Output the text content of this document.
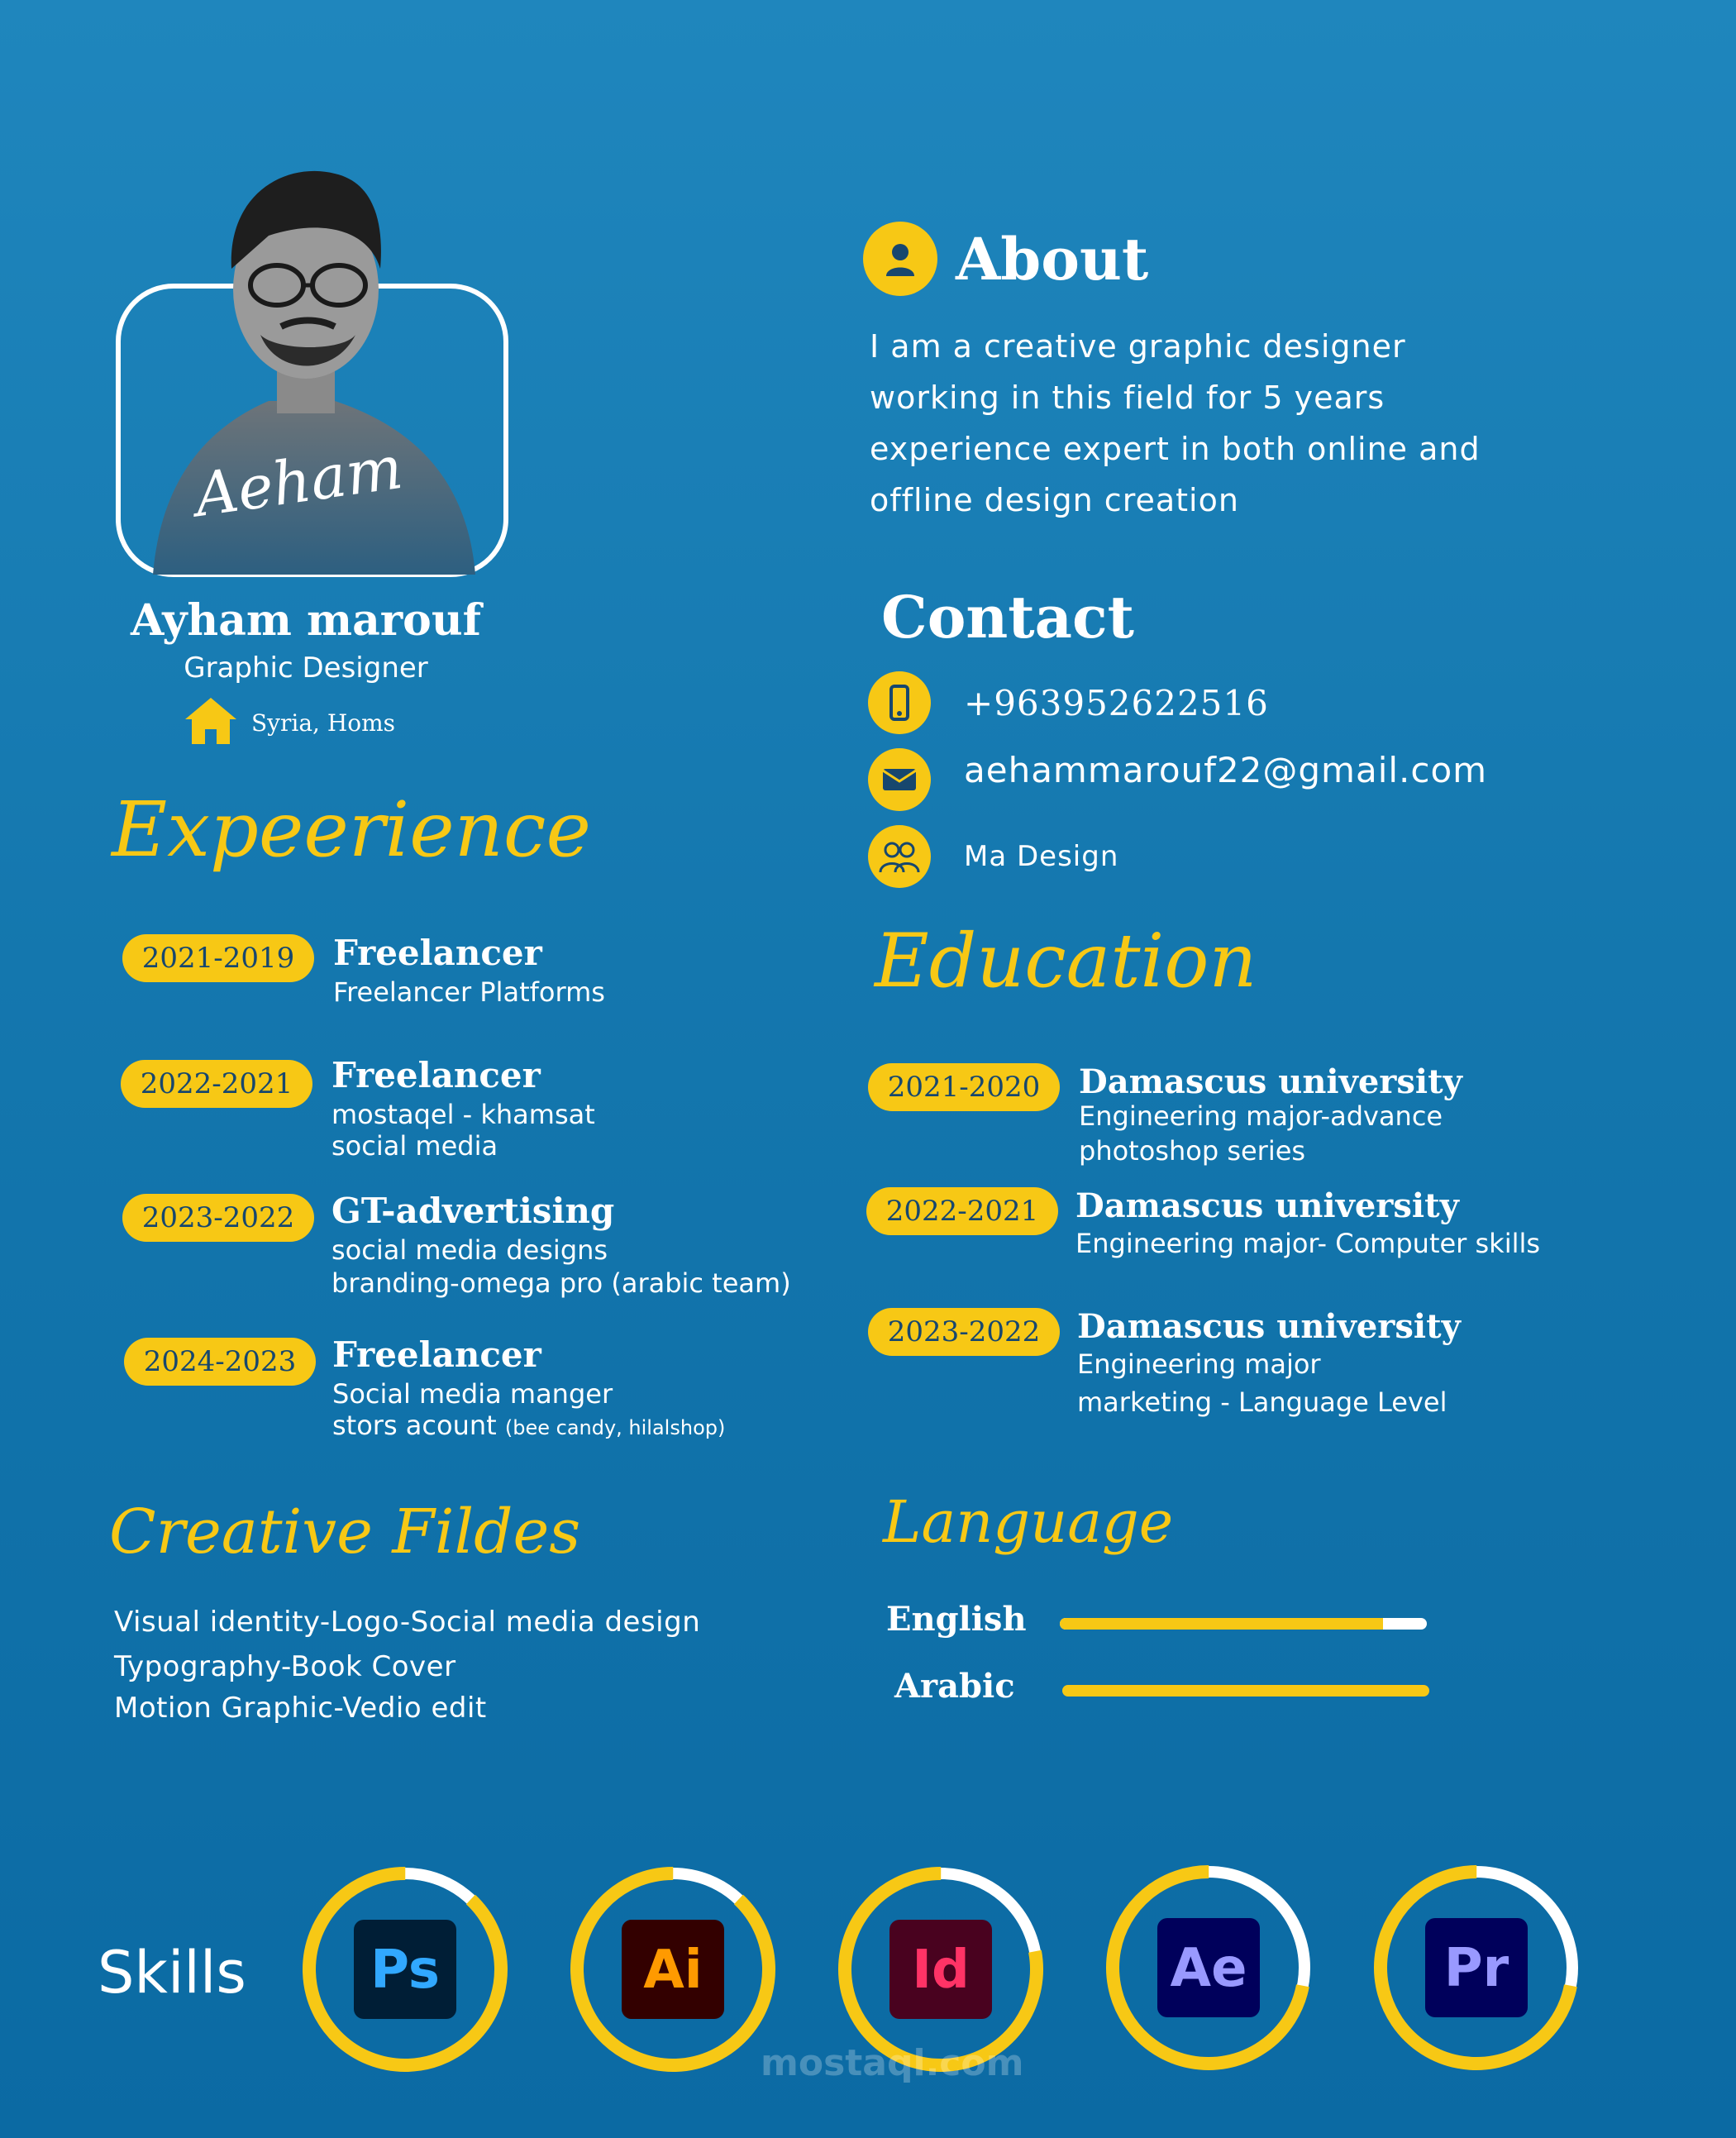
Aeham
Ayham marouf
Graphic Designer
Syria, Homs
Expeerience
2021-2019	Freelancer
Freelancer Platforms
2022-2021	Freelancer
mostaqel - khamsat
social media
2023-2022	GT-advertising
social media designs
branding-omega pro (arabic team)
2024-2023	Freelancer
Social media manger
stors acount (bee candy, hilalshop)
Creative Fildes
Visual identity-Logo-Social media design
Typography-Book Cover
Motion Graphic-Vedio edit
About
I am a creative graphic designer
working in this field for 5 years
experience expert in both online and
offline design creation
Contact
+963952622516
aehammarouf22@gmail.com
Ma Design
Education
2021-2020	Damascus university
Engineering major-advance
photoshop series
2022-2021	Damascus university
Engineering major- Computer skills
2023-2022	Damascus university
Engineering major
marketing - Language Level
Language
English
Arabic
Skills Ps	Ai	Id	Ae	Pr
mostaql.com
